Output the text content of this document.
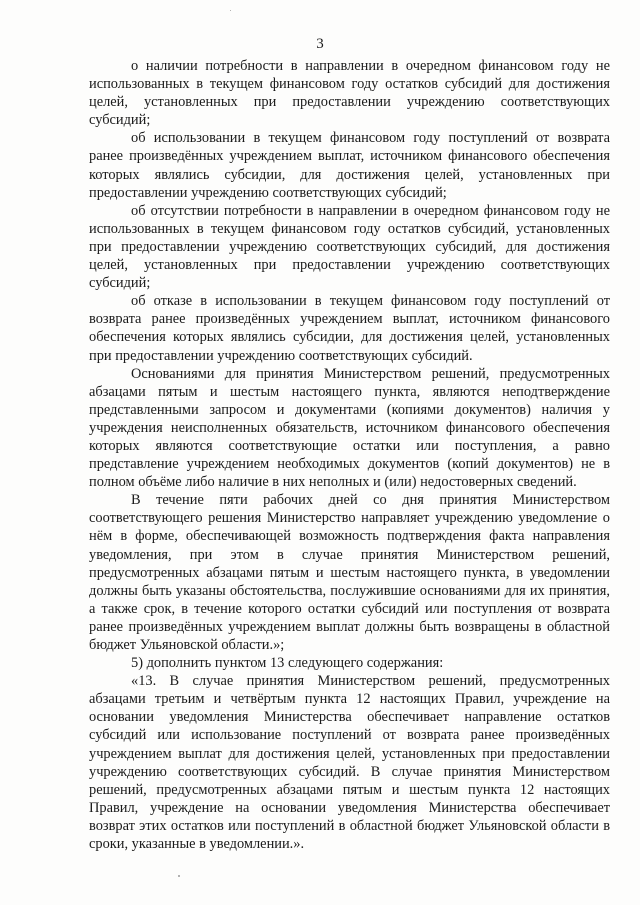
3

о наличии потребности в направлении в очередном финансовом году не использованных в текущем финансовом году остатков субсидий для достижения целей, установленных при предоставлении учреждению соответствующих субсидий;

об использовании в текущем финансовом году поступлений от возврата ранее произведённых учреждением выплат, источником финансового обеспечения которых являлись субсидии, для достижения целей, установленных при предоставлении учреждению соответствующих субсидий;

об отсутствии потребности в направлении в очередном финансовом году не использованных в текущем финансовом году остатков субсидий, установленных при предоставлении учреждению соответствующих субсидий, для достижения целей, установленных при предоставлении учреждению соответствующих субсидий;

об отказе в использовании в текущем финансовом году поступлений от возврата ранее произведённых учреждением выплат, источником финансового обеспечения которых являлись субсидии, для достижения целей, установленных при предоставлении учреждению соответствующих субсидий.

Основаниями для принятия Министерством решений, предусмотренных абзацами пятым и шестым настоящего пункта, являются неподтверждение представленными запросом и документами (копиями документов) наличия у учреждения неисполненных обязательств, источником финансового обеспечения которых являются соответствующие остатки или поступления, а равно представление учреждением необходимых документов (копий документов) не в полном объёме либо наличие в них неполных и (или) недостоверных сведений.

В течение пяти рабочих дней со дня принятия Министерством соответствующего решения Министерство направляет учреждению уведомление о нём в форме, обеспечивающей возможность подтверждения факта направления уведомления, при этом в случае принятия Министерством решений, предусмотренных абзацами пятым и шестым настоящего пункта, в уведомлении должны быть указаны обстоятельства, послужившие основаниями для их принятия, а также срок, в течение которого остатки субсидий или поступления от возврата ранее произведённых учреждением выплат должны быть возвращены в областной бюджет Ульяновской области.»;

5) дополнить пунктом 13 следующего содержания:

«13. В случае принятия Министерством решений, предусмотренных абзацами третьим и четвёртым пункта 12 настоящих Правил, учреждение на основании уведомления Министерства обеспечивает направление остатков субсидий или использование поступлений от возврата ранее произведённых учреждением выплат для достижения целей, установленных при предоставлении учреждению соответствующих субсидий. В случае принятия Министерством решений, предусмотренных абзацами пятым и шестым пункта 12 настоящих Правил, учреждение на основании уведомления Министерства обеспечивает возврат этих остатков или поступлений в областной бюджет Ульяновской области в сроки, указанные в уведомлении.».
